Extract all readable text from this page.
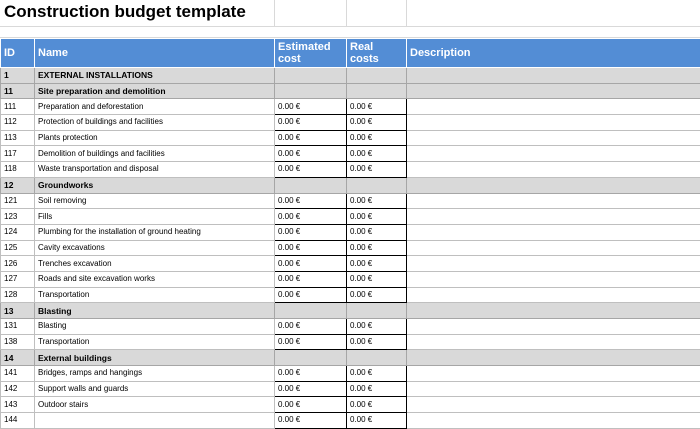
Construction budget template
ID	Name	Estimated cost	Real costs	Description
1	EXTERNAL INSTALLATIONS			
11	Site preparation and demolition			
111	Preparation and deforestation	0.00 €	0.00 €	
112	Protection of buildings and facilities	0.00 €	0.00 €	
113	Plants protection	0.00 €	0.00 €	
117	Demolition of buildings and facilities	0.00 €	0.00 €	
118	Waste transportation and disposal	0.00 €	0.00 €	
12	Groundworks			
121	Soil removing	0.00 €	0.00 €	
123	Fills	0.00 €	0.00 €	
124	Plumbing for the installation of ground heating	0.00 €	0.00 €	
125	Cavity excavations	0.00 €	0.00 €	
126	Trenches excavation	0.00 €	0.00 €	
127	Roads and site excavation works	0.00 €	0.00 €	
128	Transportation	0.00 €	0.00 €	
13	Blasting			
131	Blasting	0.00 €	0.00 €	
138	Transportation	0.00 €	0.00 €	
14	External buildings			
141	Bridges, ramps and hangings	0.00 €	0.00 €	
142	Support walls and guards	0.00 €	0.00 €	
143	Outdoor stairs	0.00 €	0.00 €	
144		0.00 €	0.00 €	
